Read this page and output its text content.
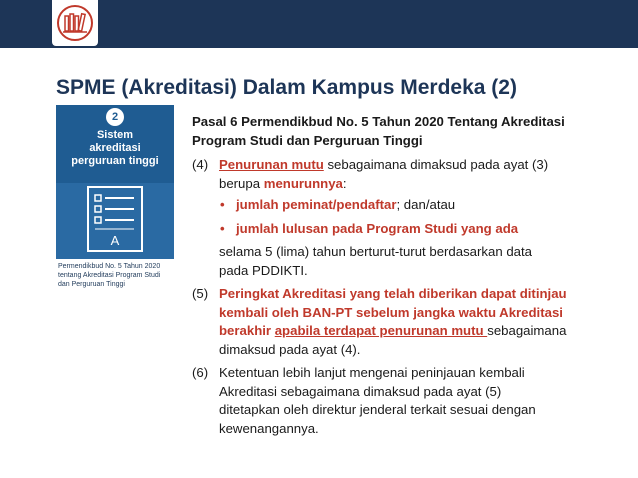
SPME (Akreditasi) Dalam Kampus Merdeka (2)
2
Sistem
akreditasi
perguruan tinggi
A
Permendikbud No. 5 Tahun 2020
tentang Akreditasi Program Studi
dan Perguruan Tinggi
Pasal 6 Permendikbud No. 5 Tahun 2020 Tentang Akreditasi
Program Studi dan Perguruan Tinggi
(4) Penurunan mutu sebagaimana dimaksud pada ayat (3)
berupa menurunnya:
• jumlah peminat/pendaftar; dan/atau
• jumlah lulusan pada Program Studi yang ada
selama 5 (lima) tahun berturut-turut berdasarkan data
pada PDDIKTI.
(5) Peringkat Akreditasi yang telah diberikan dapat ditinjau
kembali oleh BAN-PT sebelum jangka waktu Akreditasi
berakhir apabila terdapat penurunan mutu sebagaimana
dimaksud pada ayat (4).
(6) Ketentuan lebih lanjut mengenai peninjauan kembali
Akreditasi sebagaimana dimaksud pada ayat (5)
ditetapkan oleh direktur jenderal terkait sesuai dengan
kewenangannya.
